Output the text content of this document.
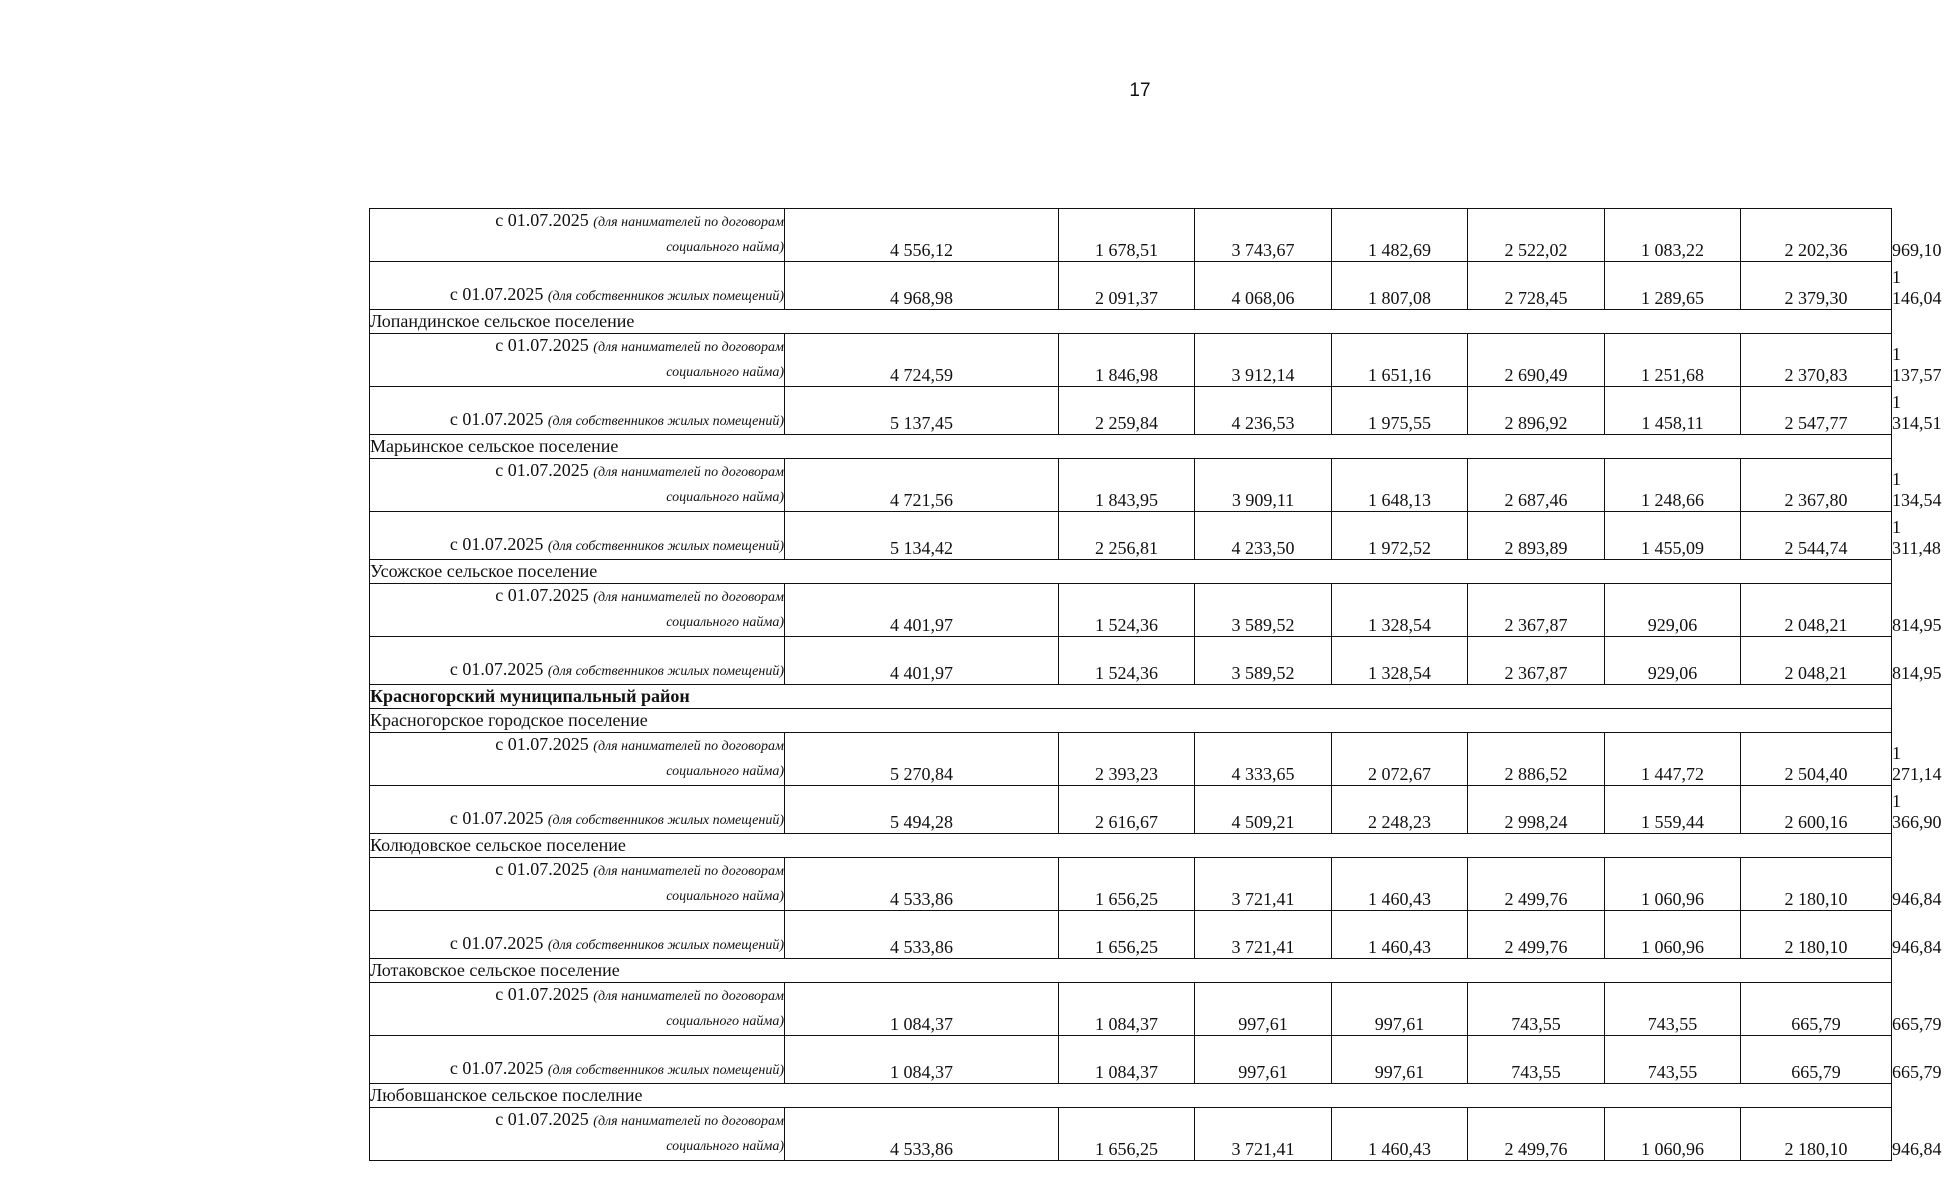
17
с 01.07.2025 (для нанимателей по договорам
социального найма)	4 556,12	1 678,51	3 743,67	1 482,69	2 522,02	1 083,22	2 202,36	969,10
с 01.07.2025 (для собственников жилых помещений)	4 968,98	2 091,37	4 068,06	1 807,08	2 728,45	1 289,65	2 379,30	1 146,04
Лопандинское сельское поселение								
с 01.07.2025 (для нанимателей по договорам
социального найма)	4 724,59	1 846,98	3 912,14	1 651,16	2 690,49	1 251,68	2 370,83	1 137,57
с 01.07.2025 (для собственников жилых помещений)	5 137,45	2 259,84	4 236,53	1 975,55	2 896,92	1 458,11	2 547,77	1 314,51
Марьинское сельское поселение								
с 01.07.2025 (для нанимателей по договорам
социального найма)	4 721,56	1 843,95	3 909,11	1 648,13	2 687,46	1 248,66	2 367,80	1 134,54
с 01.07.2025 (для собственников жилых помещений)	5 134,42	2 256,81	4 233,50	1 972,52	2 893,89	1 455,09	2 544,74	1 311,48
Усожское сельское поселение								
с 01.07.2025 (для нанимателей по договорам
социального найма)	4 401,97	1 524,36	3 589,52	1 328,54	2 367,87	929,06	2 048,21	814,95
с 01.07.2025 (для собственников жилых помещений)	4 401,97	1 524,36	3 589,52	1 328,54	2 367,87	929,06	2 048,21	814,95
Красногорский муниципальный район								
Красногорское городское поселение								
с 01.07.2025 (для нанимателей по договорам
социального найма)	5 270,84	2 393,23	4 333,65	2 072,67	2 886,52	1 447,72	2 504,40	1 271,14
с 01.07.2025 (для собственников жилых помещений)	5 494,28	2 616,67	4 509,21	2 248,23	2 998,24	1 559,44	2 600,16	1 366,90
Колюдовское сельское поселение								
с 01.07.2025 (для нанимателей по договорам
социального найма)	4 533,86	1 656,25	3 721,41	1 460,43	2 499,76	1 060,96	2 180,10	946,84
с 01.07.2025 (для собственников жилых помещений)	4 533,86	1 656,25	3 721,41	1 460,43	2 499,76	1 060,96	2 180,10	946,84
Лотаковское сельское поселение								
с 01.07.2025 (для нанимателей по договорам
социального найма)	1 084,37	1 084,37	997,61	997,61	743,55	743,55	665,79	665,79
с 01.07.2025 (для собственников жилых помещений)	1 084,37	1 084,37	997,61	997,61	743,55	743,55	665,79	665,79
Любовшанское сельское послелние								
с 01.07.2025 (для нанимателей по договорам
социального найма)	4 533,86	1 656,25	3 721,41	1 460,43	2 499,76	1 060,96	2 180,10	946,84
